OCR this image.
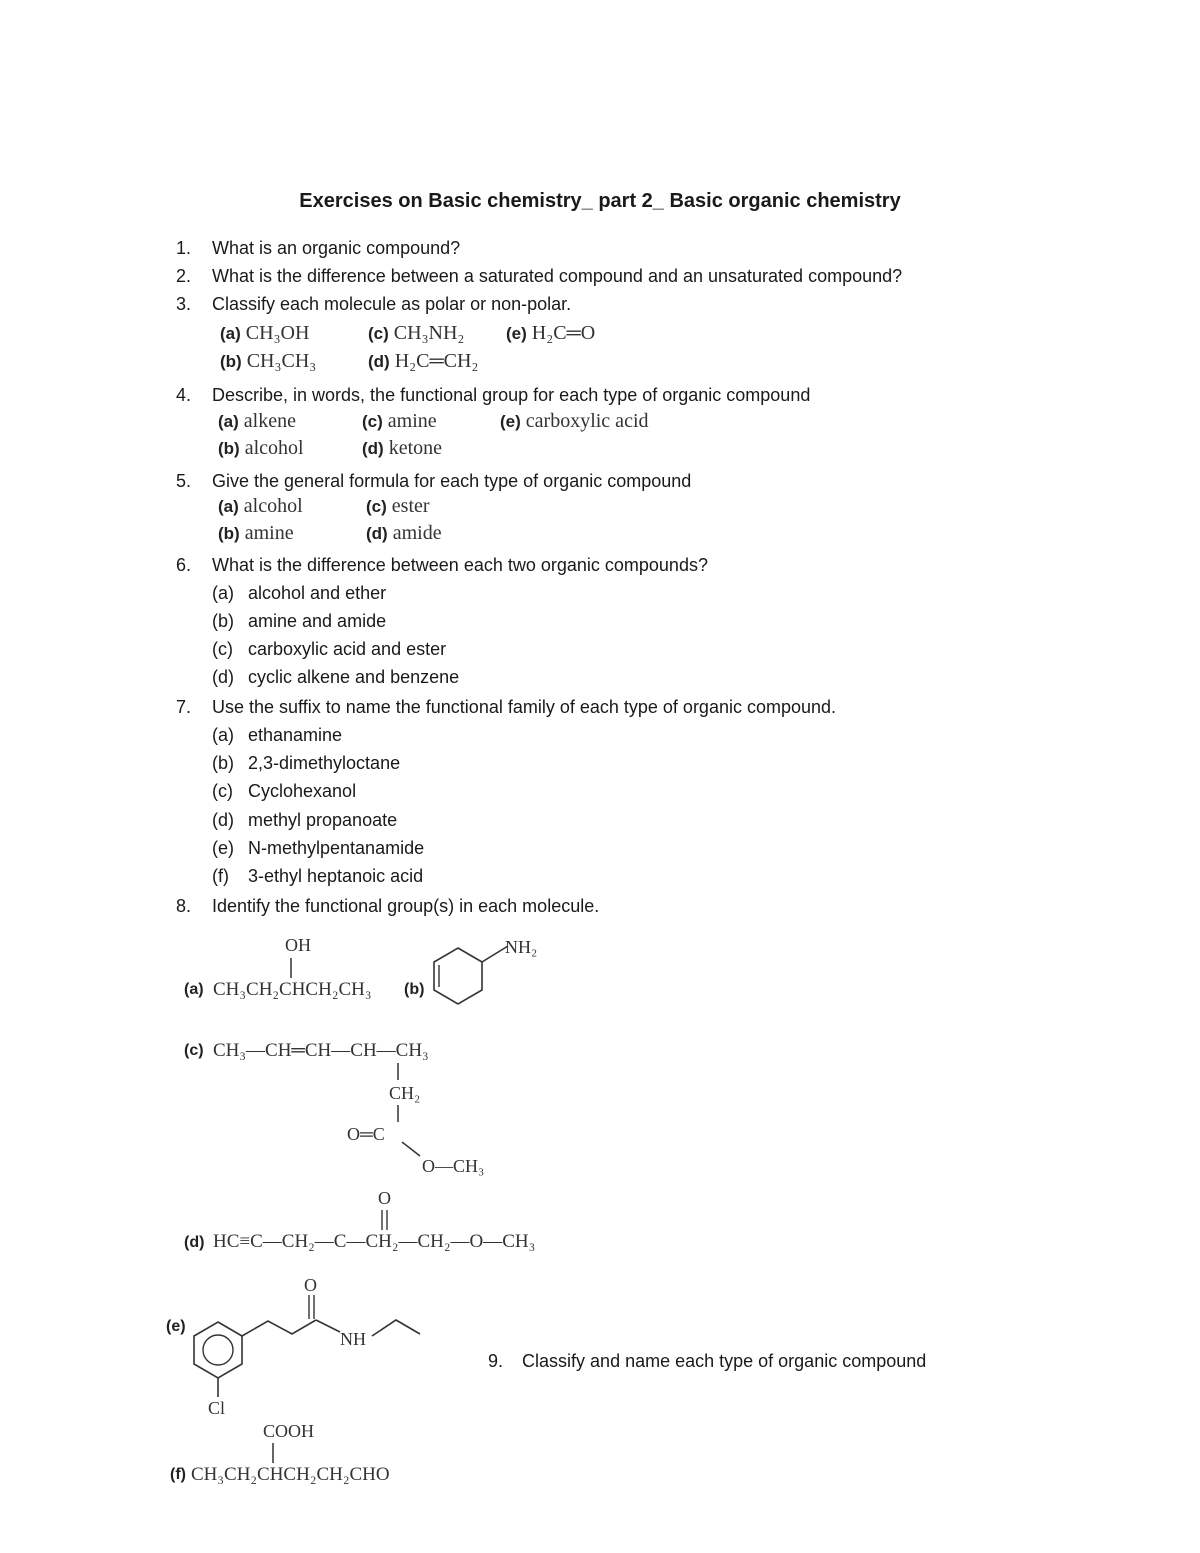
Exercises on Basic chemistry_ part 2_ Basic organic chemistry
1. What is an organic compound?
2. What is the difference between a saturated compound and an unsaturated compound?
3. Classify each molecule as polar or non-polar.
(a) CH₃OH	(c) CH₃NH₂ (e) H₂C═O
(b) CH₃CH₃	(d) H₂C═CH₂
4. Describe, in words, the functional group for each type of organic compound
(a) alkene	(c) amine	(e) carboxylic acid
(b) alcohol	(d) ketone
5. Give the general formula for each type of organic compound
(a) alcohol	(c) ester
(b) amine	(d) amide
6. What is the difference between each two organic compounds?
(a) alcohol and ether
(b) amine and amide
(c) carboxylic acid and ester
(d) cyclic alkene and benzene
7. Use the suffix to name the functional family of each type of organic compound.
(a) ethanamine
(b) 2,3-dimethyloctane
(c) Cyclohexanol
(d) methyl propanoate
(e) N-methylpentanamide
(f) 3-ethyl heptanoic acid
8. Identify the functional group(s) in each molecule.
(a)
OH
CH₃CH₂CHCH₂CH₃ (b)
NH₂
(c) CH₃—CH═CH—CH—CH₃
CH₂
O═C
O—CH₃
(d)
O
HC≡C—CH₂—C—CH₂—CH₂—O—CH₃
(e)
O
NH
Cl
(f)
COOH
CH₃CH₂CHCH₂CH₂CHO
9. Classify and name each type of organic compound
